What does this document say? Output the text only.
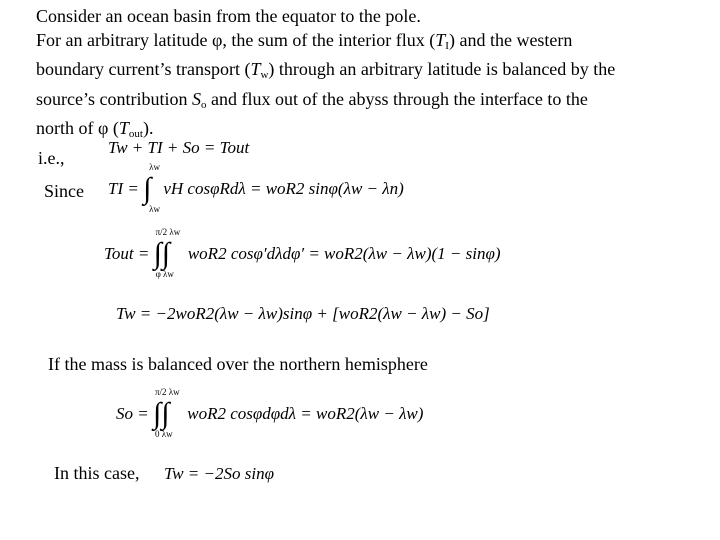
Consider an ocean basin from the equator to the pole.

For an arbitrary latitude φ, the sum of the interior flux $(T_I)$ and the western

boundary current’s transport $(T_w)$ through an arbitrary latitude is balanced by the

source’s contribution $S_o$ and flux out of the abyss through the interface to the

north of φ $(T_{out})$.

i.e.,	Tw + TI + So = Tout
Since TI =
λw
∫
λw
vH cosφRdλ = woR2 sinφ(λw − λn)
Tout =
π/2 λw
∫∫
φ λw
woR2 cosφ′dλdφ′ = woR2(λw − λw)(1 − sinφ)
Tw = −2woR2(λw − λw)sinφ + [woR2(λw − λw) − So]
If the mass is balanced over the northern hemisphere
So =
π/2 λw
∫∫
0 λw
woR2 cosφdφdλ = woR2(λw − λw)
In this case, Tw = −2So sinφ
